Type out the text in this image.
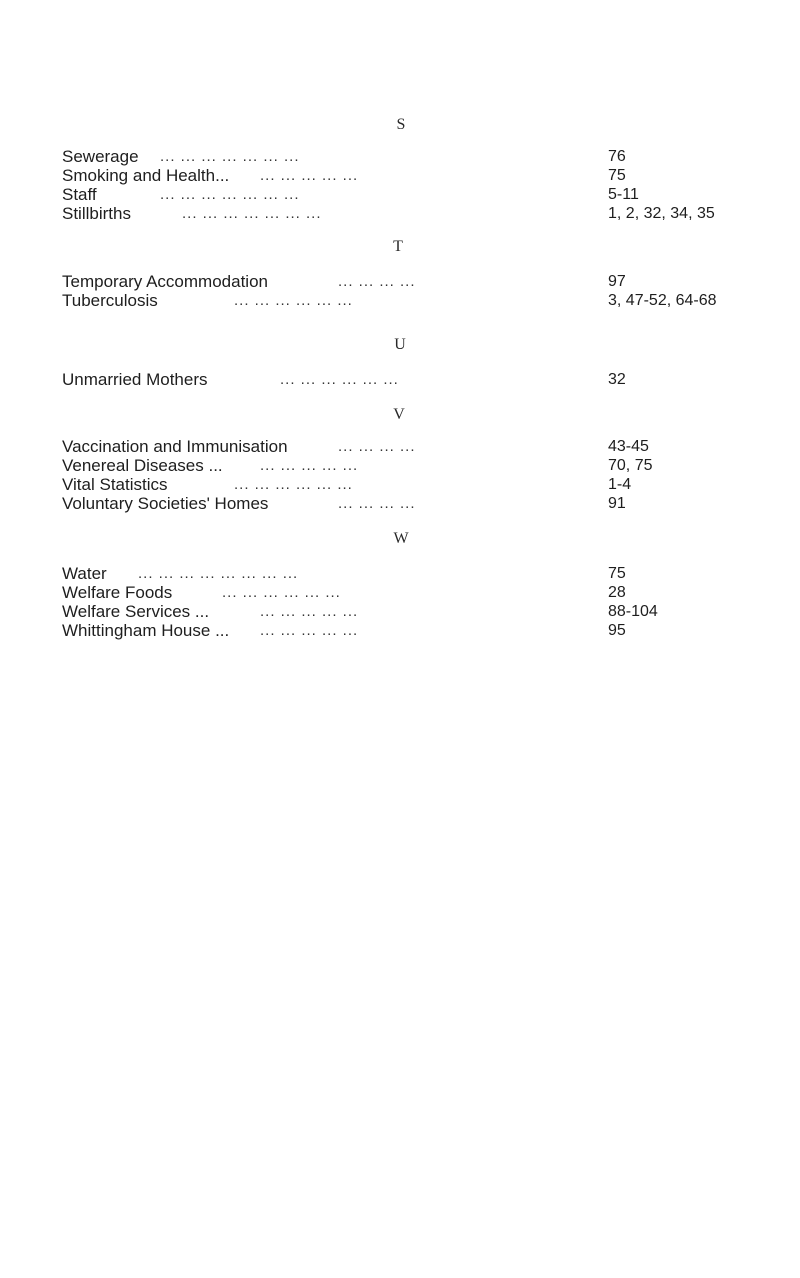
S
Sewerage ... ... ... ... ... ... ...	76
Smoking and Health... ... ... ... ... ...	75
Staff	... ... ... ... ... ... ...	5-11
Stillbirths	... ... ... ... ... ... ...	1, 2, 32, 34, 35
T
Temporary Accommodation	... ... ... ...	97
Tuberculosis	... ... ... ... ... ...	3, 47-52, 64-68
U
Unmarried Mothers	... ... ... ... ... ...	32
V
Vaccination and Immunisation	... ... ... ...	43-45
Venereal Diseases ... ... ... ... ... ...	70, 75
Vital Statistics	... ... ... ... ... ...	1-4
Voluntary Societies' Homes	... ... ... ...	91
W
Water ... ... ... ... ... ... ... ...	75
Welfare Foods	... ... ... ... ... ...	28
Welfare Services ...	... ... ... ... ...	88-104
Whittingham House ... ... ... ... ... ...	95
